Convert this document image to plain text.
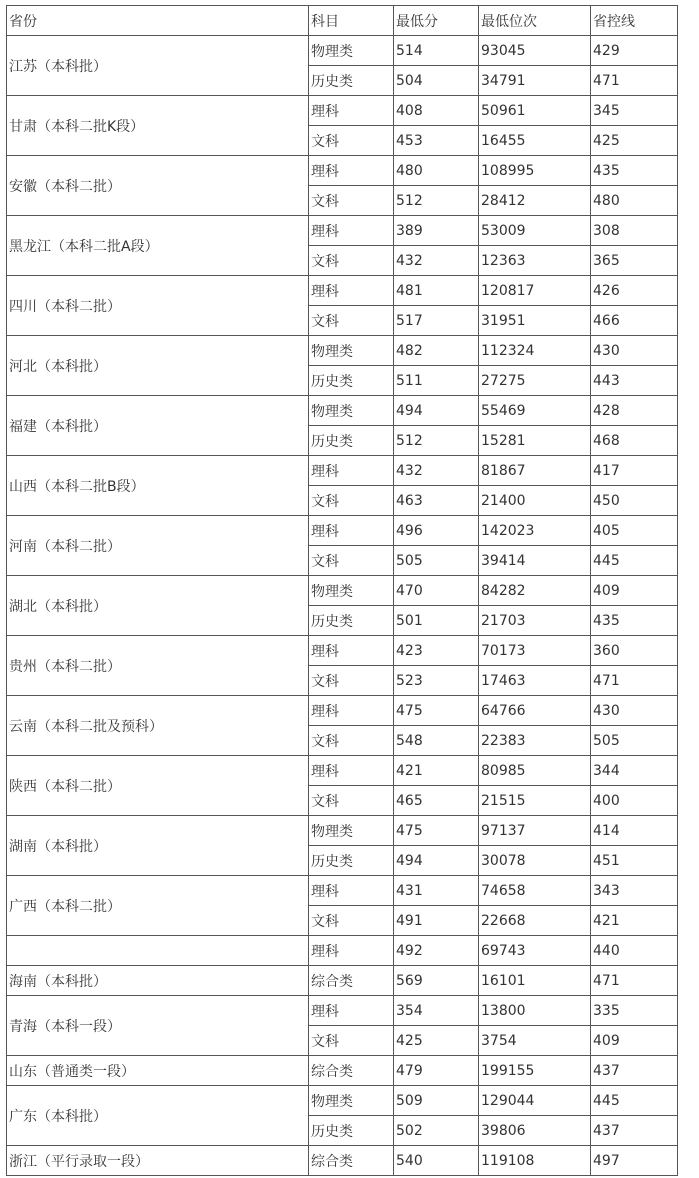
省份	科目	最低分	最低位次	省控线
江苏（本科批）	物理类	514	93045	429
	历史类	504	34791	471
甘肃（本科二批K段）	理科	408	50961	345
	文科	453	16455	425
安徽（本科二批）	理科	480	108995	435
	文科	512	28412	480
黑龙江（本科二批A段）	理科	389	53009	308
	文科	432	12363	365
四川（本科二批）	理科	481	120817	426
	文科	517	31951	466
河北（本科批）	物理类	482	112324	430
	历史类	511	27275	443
福建（本科批）	物理类	494	55469	428
	历史类	512	15281	468
山西（本科二批B段）	理科	432	81867	417
	文科	463	21400	450
河南（本科二批）	理科	496	142023	405
	文科	505	39414	445
湖北（本科批）	物理类	470	84282	409
	历史类	501	21703	435
贵州（本科二批）	理科	423	70173	360
	文科	523	17463	471
云南（本科二批及预科）	理科	475	64766	430
	文科	548	22383	505
陕西（本科二批）	理科	421	80985	344
	文科	465	21515	400
湖南（本科批）	物理类	475	97137	414
	历史类	494	30078	451
广西（本科二批）	理科	431	74658	343
	文科	491	22668	421
	理科	492	69743	440
海南（本科批）	综合类	569	16101	471
青海（本科一段）	理科	354	13800	335
	文科	425	3754	409
山东（普通类一段）	综合类	479	199155	437
广东（本科批）	物理类	509	129044	445
	历史类	502	39806	437
浙江（平行录取一段）	综合类	540	119108	497
